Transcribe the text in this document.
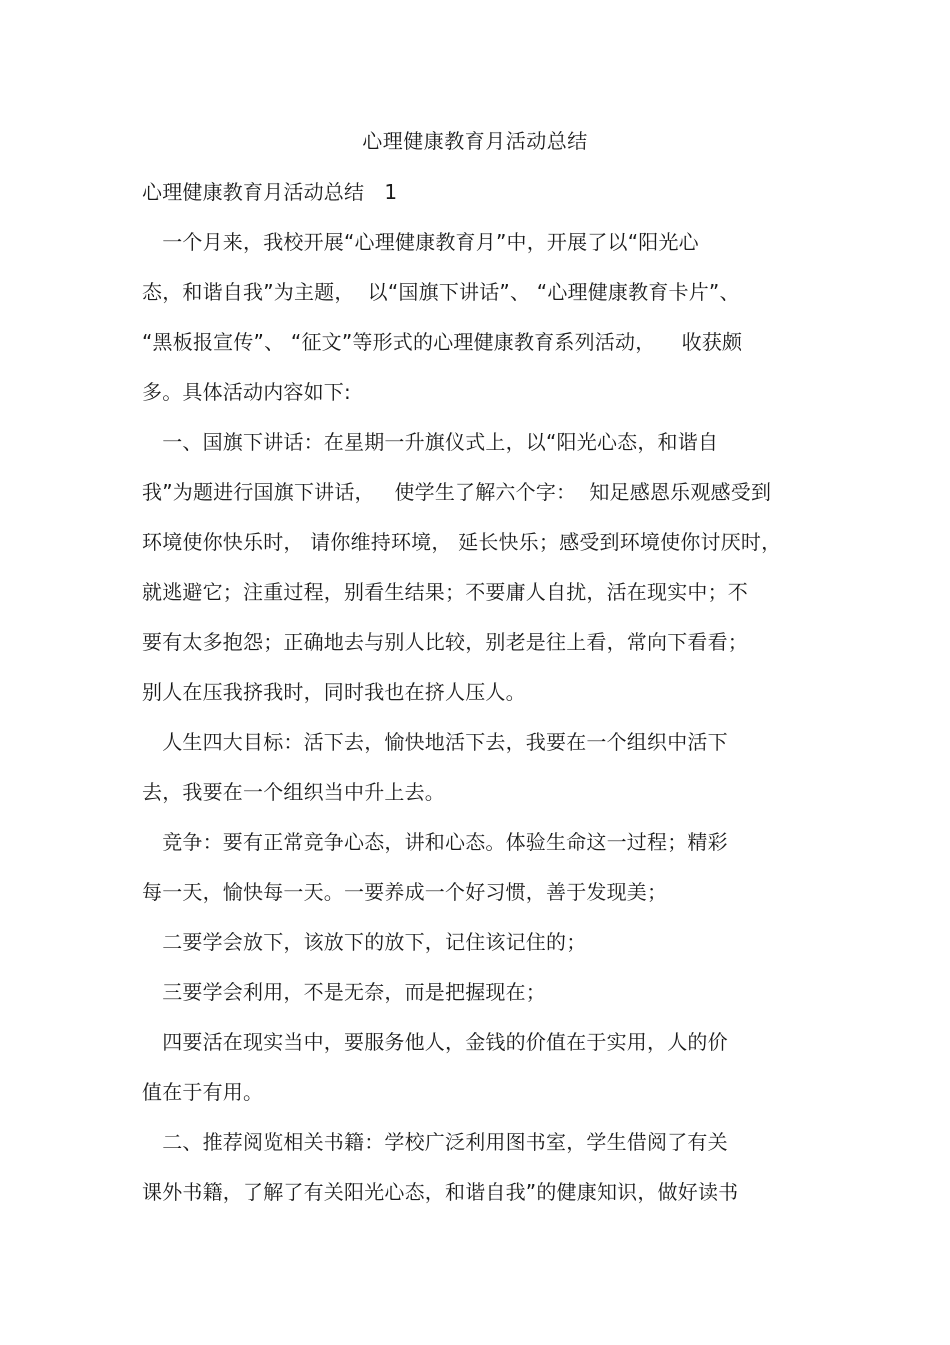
心理健康教育月活动总结
心理健康教育月活动总结　1
　一个月来，我校开展“心理健康教育月”中，开展了以“阳光心
态，和谐自我”为主题，  以“国旗下讲话”、 “心理健康教育卡片”、
“黑板报宣传”、 “征文”等形式的心理健康教育系列活动，    收获颇
多。具体活动内容如下:
　一、国旗下讲话：在星期一升旗仪式上，以“阳光心态，和谐自
我”为题进行国旗下讲话，   使学生了解六个字：  知足感恩乐观感受到
环境使你快乐时， 请你维持环境， 延长快乐；感受到环境使你讨厌时，
就逃避它；注重过程，别看生结果；不要庸人自扰，活在现实中；不
要有太多抱怨；正确地去与别人比较，别老是往上看，常向下看看；
别人在压我挤我时，同时我也在挤人压人。
　人生四大目标：活下去，愉快地活下去，我要在一个组织中活下
去，我要在一个组织当中升上去。
　竞争：要有正常竞争心态，讲和心态。体验生命这一过程；精彩
每一天，愉快每一天。一要养成一个好习惯，善于发现美；
　二要学会放下，该放下的放下，记住该记住的；
　三要学会利用，不是无奈，而是把握现在；
　四要活在现实当中，要服务他人，金钱的价值在于实用，人的价
值在于有用。
　二、推荐阅览相关书籍：学校广泛利用图书室，学生借阅了有关
课外书籍，了解了有关阳光心态，和谐自我”的健康知识，做好读书
